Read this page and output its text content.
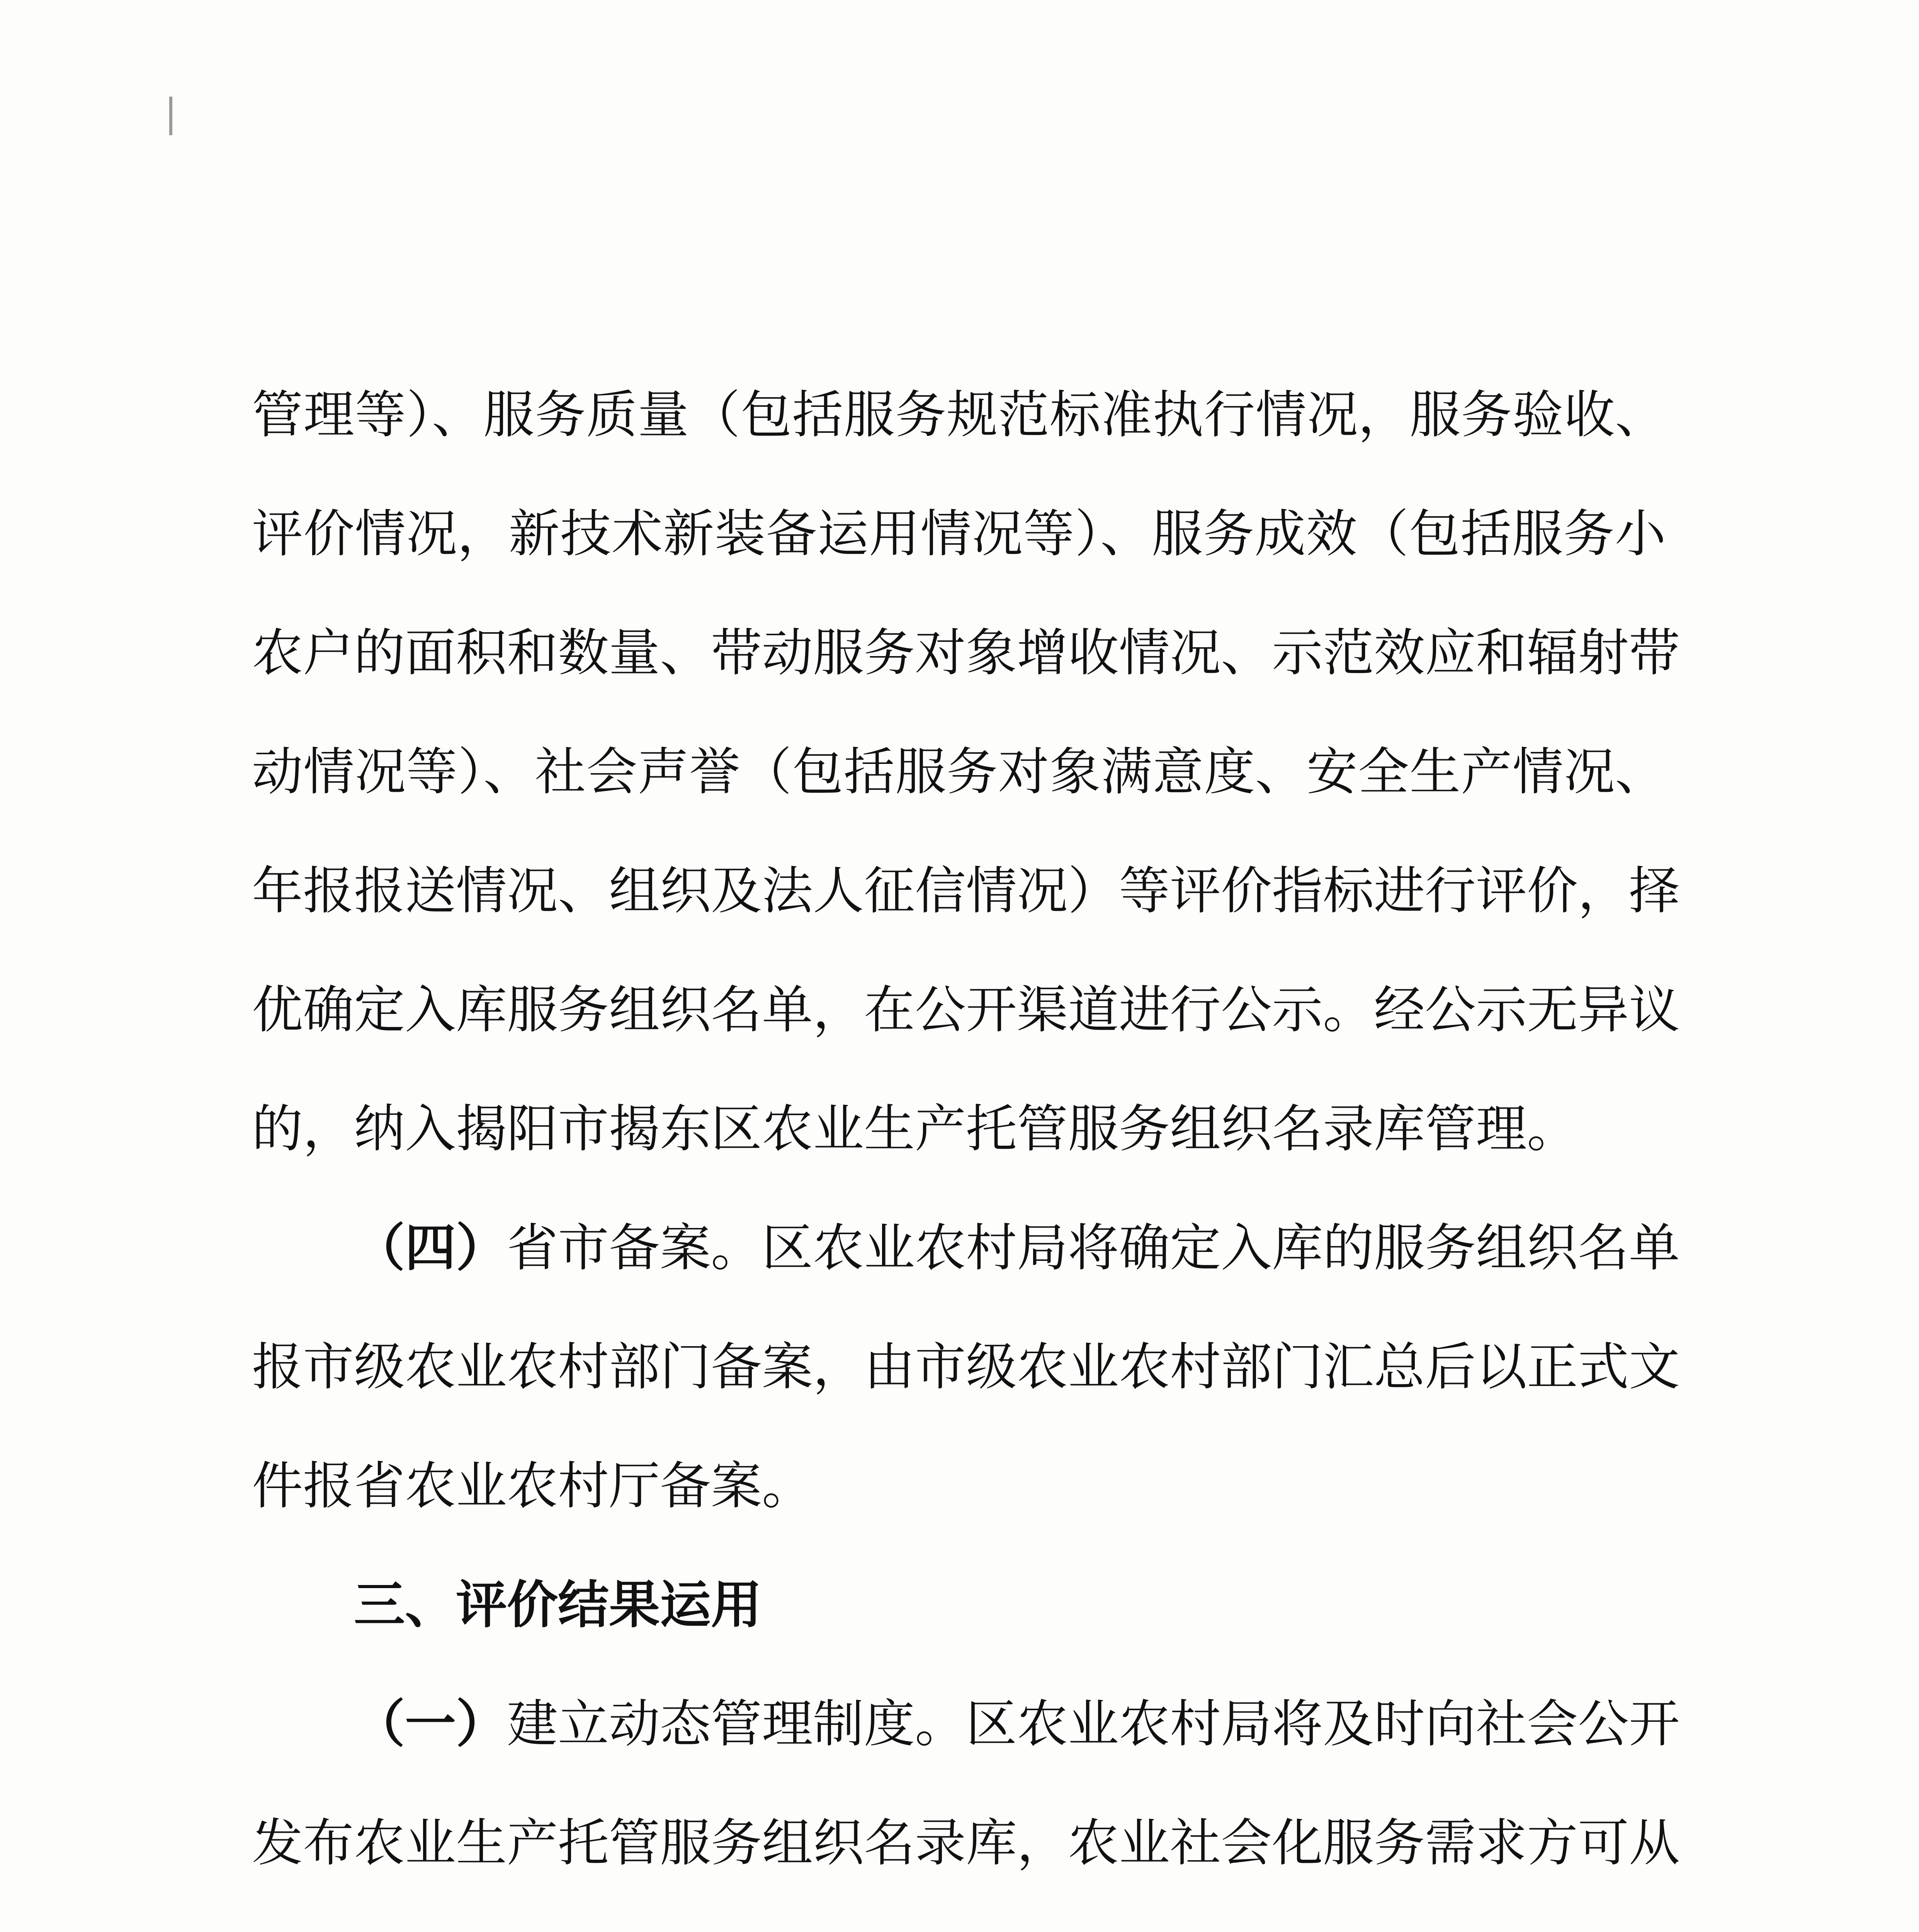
管 理 等 ）、 服 务 质 量 （ 包 括 服 务 规 范 标 准 执 行 情 况， 服 务 验 收、
评 价 情 况， 新 技 术 新 装 备 运 用 情 况 等 ）、 服 务 成 效 （ 包 括 服 务 小
农 户 的 面 积 和 数 量、 带 动 服 务 对 象 增 收 情 况、 示 范 效 应 和 辐 射 带
动 情 况 等 ）、 社 会 声 誉 （ 包 括 服 务 对 象 满 意 度、 安 全 生 产 情 况、
年 报 报 送 情 况、 组 织 及 法 人 征 信 情 况 ） 等 评 价 指 标 进 行 评 价， 择
优 确 定 入 库 服 务 组 织 名 单， 在 公 开 渠 道 进 行 公 示。 经 公 示 无 异 议
的，纳入揭阳市揭东区农业生产托管服务组织名录库管理。
（四） 省 市 备 案。 区 农 业 农 村 局 将 确 定 入 库 的 服 务 组 织 名 单
报 市 级 农 业 农 村 部 门 备 案， 由 市 级 农 业 农 村 部 门 汇 总 后 以 正 式 文
件报省农业农村厅备案。
三、评价结果运用
（一） 建 立 动 态 管 理 制 度。 区 农 业 农 村 局 将 及 时 向 社 会 公 开
发 布 农 业 生 产 托 管 服 务 组 织 名 录 库， 农 业 社 会 化 服 务 需 求 方 可 从
